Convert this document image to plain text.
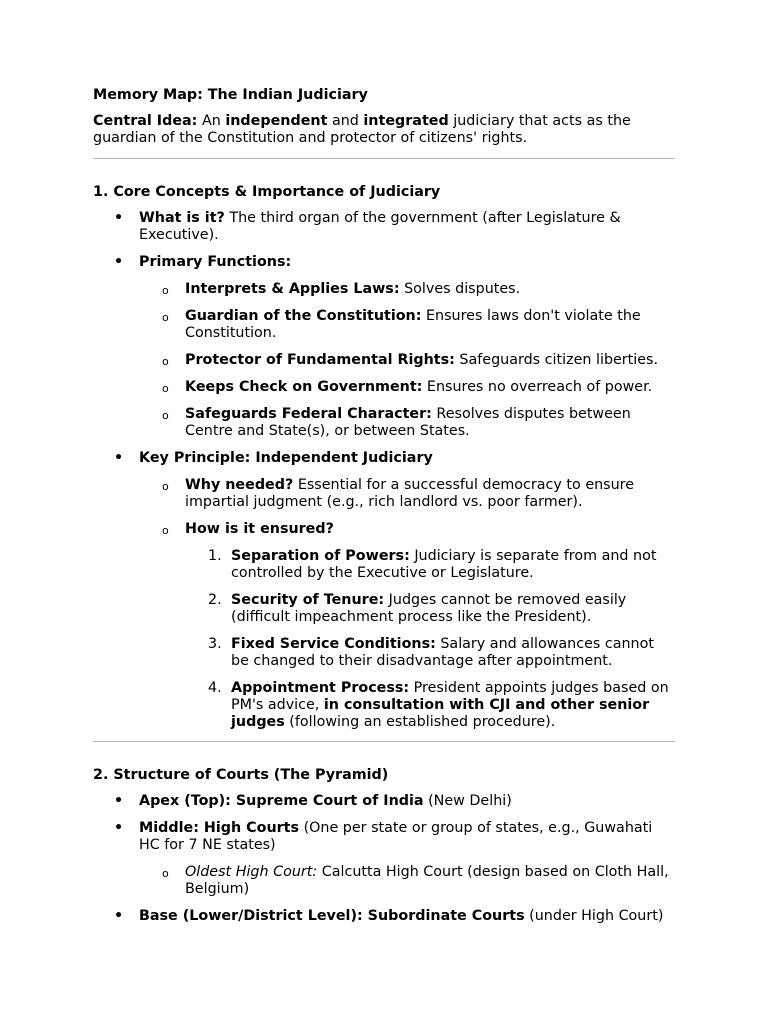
Memory Map: The Indian Judiciary

Central Idea: An independent and integrated judiciary that acts as the guardian of the Constitution and protector of citizens' rights.

1. Core Concepts & Importance of Judiciary

• What is it? The third organ of the government (after Legislature & Executive).
• Primary Functions:
o Interprets & Applies Laws: Solves disputes.
o Guardian of the Constitution: Ensures laws don't violate the Constitution.
o Protector of Fundamental Rights: Safeguards citizen liberties.
o Keeps Check on Government: Ensures no overreach of power.
o Safeguards Federal Character: Resolves disputes between Centre and State(s), or between States.
• Key Principle: Independent Judiciary
o Why needed? Essential for a successful democracy to ensure impartial judgment (e.g., rich landlord vs. poor farmer).
o How is it ensured?
1. Separation of Powers: Judiciary is separate from and not controlled by the Executive or Legislature.
2. Security of Tenure: Judges cannot be removed easily (difficult impeachment process like the President).
3. Fixed Service Conditions: Salary and allowances cannot be changed to their disadvantage after appointment.
4. Appointment Process: President appoints judges based on PM's advice, in consultation with CJI and other senior judges (following an established procedure).

2. Structure of Courts (The Pyramid)

• Apex (Top): Supreme Court of India (New Delhi)
• Middle: High Courts (One per state or group of states, e.g., Guwahati HC for 7 NE states)
o Oldest High Court: Calcutta High Court (design based on Cloth Hall, Belgium)
• Base (Lower/District Level): Subordinate Courts (under High Court)
